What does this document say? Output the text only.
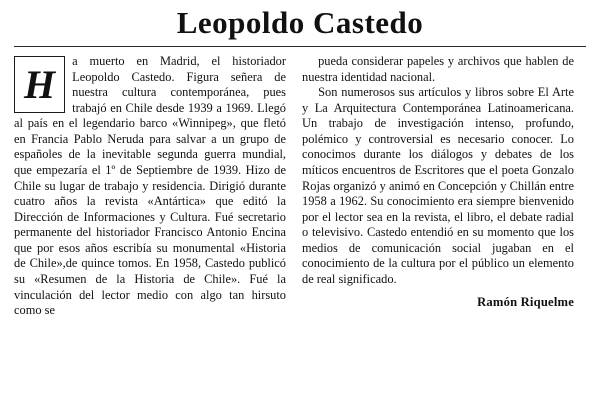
Leopoldo Castedo

H
a muerto en Madrid, el historiador Leopoldo Castedo. Figura señera de nuestra cultura contemporánea, pues trabajó en Chile desde 1939 a 1969. Llegó al país en el legendario barco «Winnipeg», que fletó en Francia Pablo Neruda para salvar a un grupo de españoles de la inevitable segunda guerra mundial, que empezaría el 1º de Septiembre de 1939. Hizo de Chile su lugar de trabajo y residencia. Dirigió durante cuatro años la revista «Antártica» que editó la Dirección de Informaciones y Cultura. Fué secretario permanente del historiador Francisco Antonio Encina que por esos años escribía su monumental «Historia de Chile»,de quince tomos. En 1958, Castedo publicó su «Resumen de la Historia de Chile». Fué la vinculación del lector medio con algo tan hirsuto como se

pueda considerar papeles y archivos que hablen de nuestra identidad nacional.

Son numerosos sus artículos y libros sobre El Arte y La Arquitectura Contemporánea Latinoamericana. Un trabajo de investigación intenso, profundo, polémico y controversial es necesario conocer. Lo conocimos durante los diálogos y debates de los míticos encuentros de Escritores que el poeta Gonzalo Rojas organizó y animó en Concepción y Chillán entre 1958 a 1962. Su conocimiento era siempre bienvenido por el lector sea en la revista, el libro, el debate radial o televisivo. Castedo entendió en su momento que los medios de comunicación social jugaban en el conocimiento de la cultura por el público un elemento de real significado.

Ramón Riquelme
